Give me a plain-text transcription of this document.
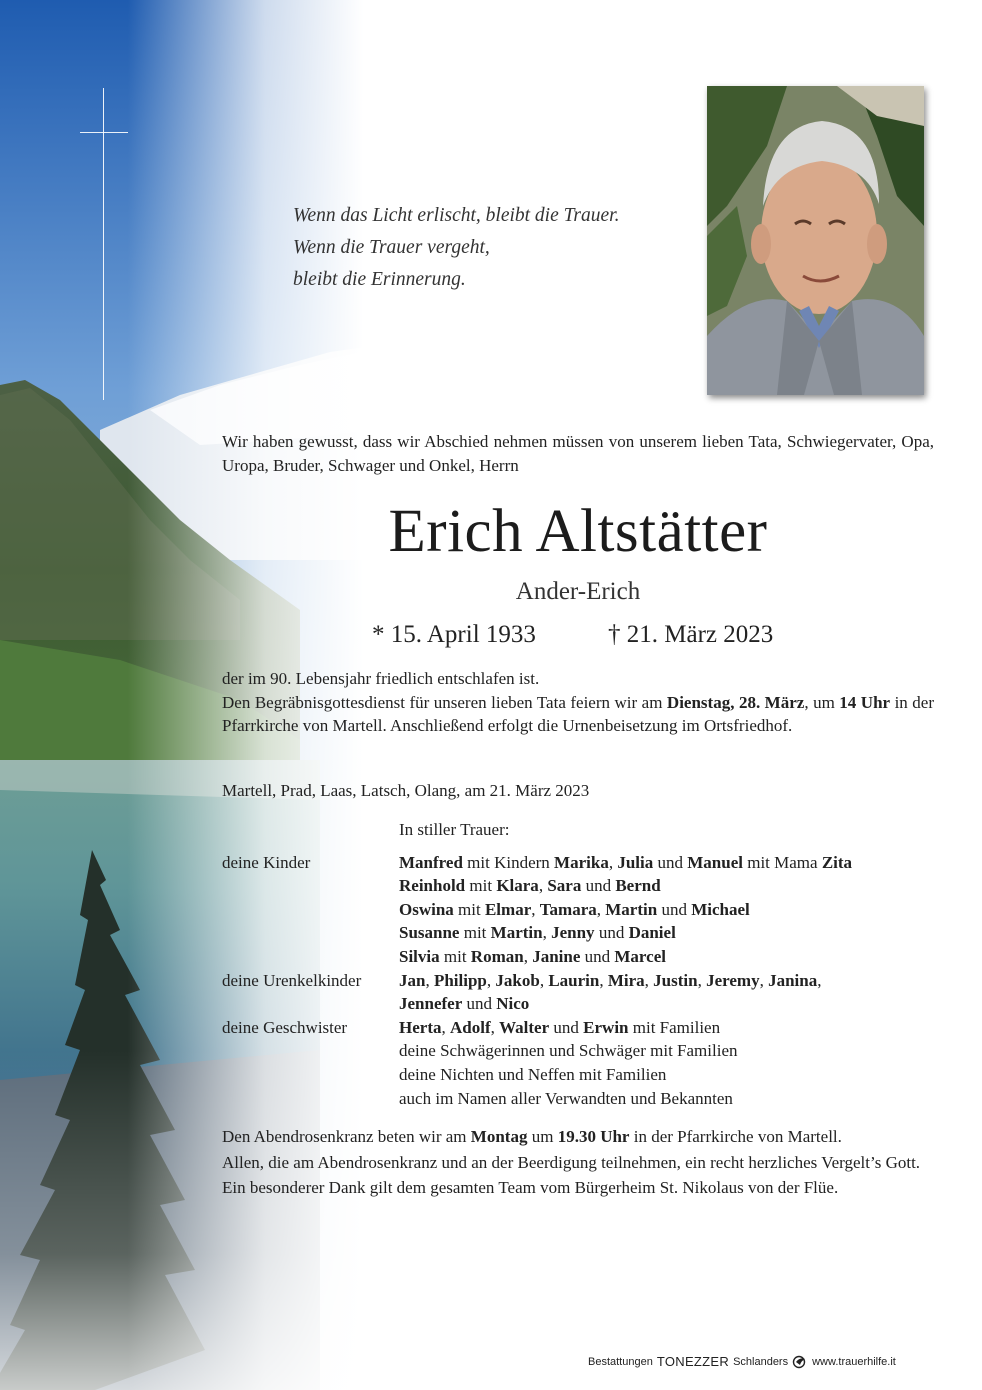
Wenn das Licht erlischt, bleibt die Trauer.
Wenn die Trauer vergeht,
bleibt die Erinnerung.
Wir haben gewusst, dass wir Abschied nehmen müssen von unserem lieben Tata, Schwiegervater, Opa, Uropa, Bruder, Schwager und Onkel, Herrn
Erich Altstätter
Ander-Erich
* 15. April 1933	† 21. März 2023

der im 90. Lebensjahr friedlich entschlafen ist.

Den Begräbnisgottesdienst für unseren lieben Tata feiern wir am Dienstag, 28. März, um 14 Uhr in der Pfarrkirche von Martell. Anschließend erfolgt die Urnenbeisetzung im Ortsfriedhof.

Martell, Prad, Laas, Latsch, Olang, am 21. März 2023
In stiller Trauer:
deine Kinder	Manfred mit Kindern Marika, Julia und Manuel mit Mama Zita
Reinhold mit Klara, Sara und Bernd
Oswina mit Elmar, Tamara, Martin und Michael
Susanne mit Martin, Jenny und Daniel
Silvia mit Roman, Janine und Marcel
deine Urenkelkinder	Jan, Philipp, Jakob, Laurin, Mira, Justin, Jeremy, Janina,
Jennefer und Nico
deine Geschwister	Herta, Adolf, Walter und Erwin mit Familien
deine Schwägerinnen und Schwäger mit Familien
deine Nichten und Neffen mit Familien
auch im Namen aller Verwandten und Bekannten

Den Abendrosenkranz beten wir am Montag um 19.30 Uhr in der Pfarrkirche von Martell.

Allen, die am Abendrosenkranz und an der Beerdigung teilnehmen, ein recht herzliches Vergelt’s Gott.

Ein besonderer Dank gilt dem gesamten Team vom Bürgerheim St. Nikolaus von der Flüe.

Bestattungen TONEZZER Schlanders www.trauerhilfe.it
